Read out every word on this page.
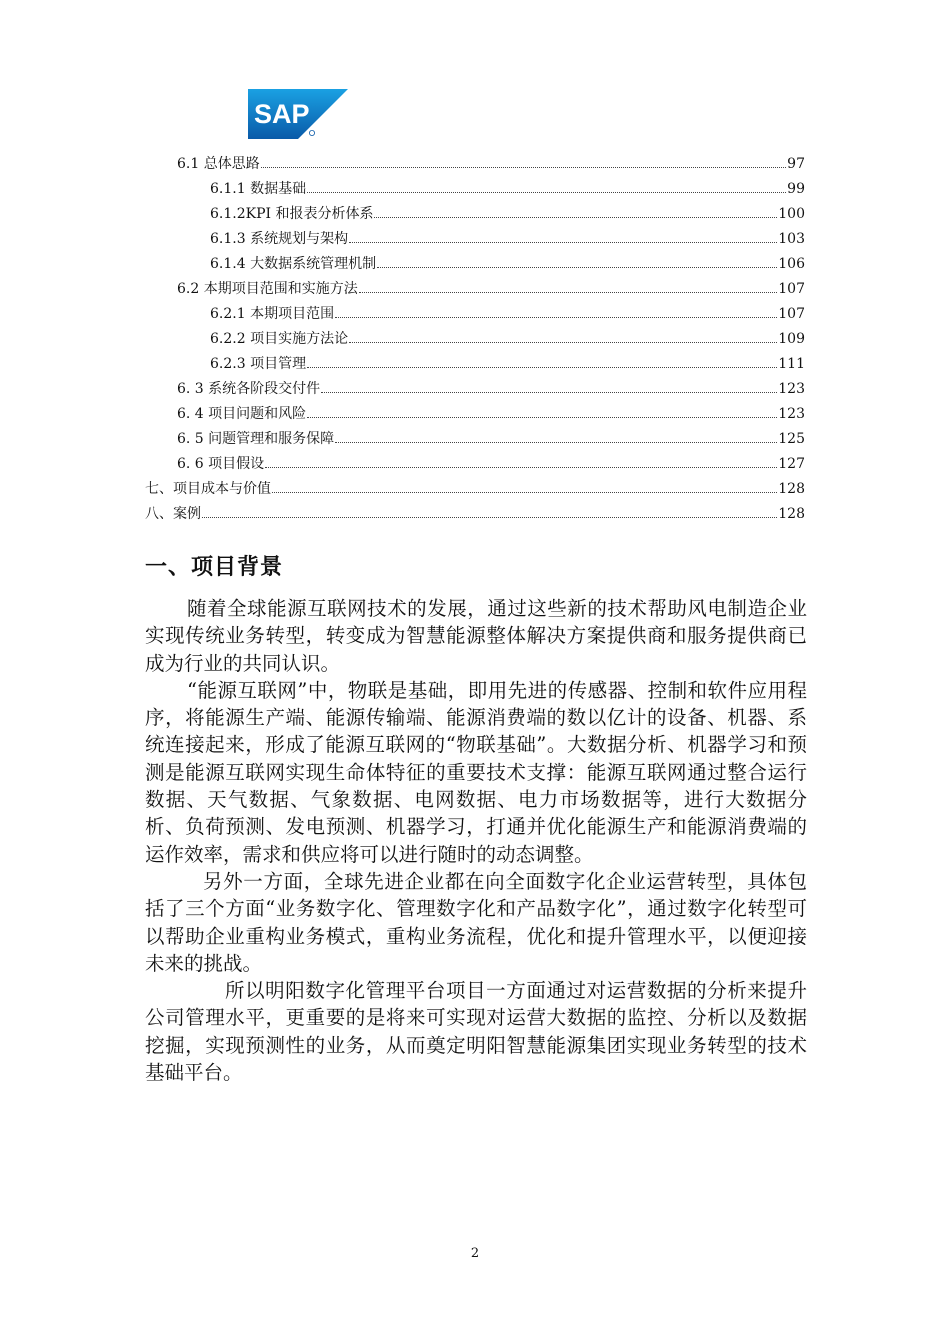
SAP
6.1 总体思路	97
6.1.1 数据基础	99
6.1.2KPI 和报表分析体系	100
6.1.3 系统规划与架构	103
6.1.4 大数据系统管理机制	106
6.2 本期项目范围和实施方法	107
6.2.1 本期项目范围	107
6.2.2 项目实施方法论	109
6.2.3 项目管理	111
6. 3 系统各阶段交付件	123
6. 4 项目问题和风险	123
6. 5 问题管理和服务保障	125
6. 6 项目假设	127
七、项目成本与价值	128
八、案例	128
一、项目背景

随着全球能源互联网技术的发展，通过这些新的技术帮助风电制造企业实现传统业务转型，转变成为智慧能源整体解决方案提供商和服务提供商已成为行业的共同认识。

“能源互联网”中，物联是基础，即用先进的传感器、控制和软件应用程序，将能源生产端、能源传输端、能源消费端的数以亿计的设备、机器、系统连接起来，形成了能源互联网的“物联基础”。大数据分析、机器学习和预测是能源互联网实现生命体特征的重要技术支撑：能源互联网通过整合运行数据、天气数据、气象数据、电网数据、电力市场数据等，进行大数据分析、负荷预测、发电预测、机器学习，打通并优化能源生产和能源消费端的运作效率，需求和供应将可以进行随时的动态调整。

另外一方面，全球先进企业都在向全面数字化企业运营转型，具体包括了三个方面“业务数字化、管理数字化和产品数字化”，通过数字化转型可以帮助企业重构业务模式，重构业务流程，优化和提升管理水平，以便迎接未来的挑战。

所以明阳数字化管理平台项目一方面通过对运营数据的分析来提升公司管理水平，更重要的是将来可实现对运营大数据的监控、分析以及数据挖掘，实现预测性的业务，从而奠定明阳智慧能源集团实现业务转型的技术基础平台。

2
